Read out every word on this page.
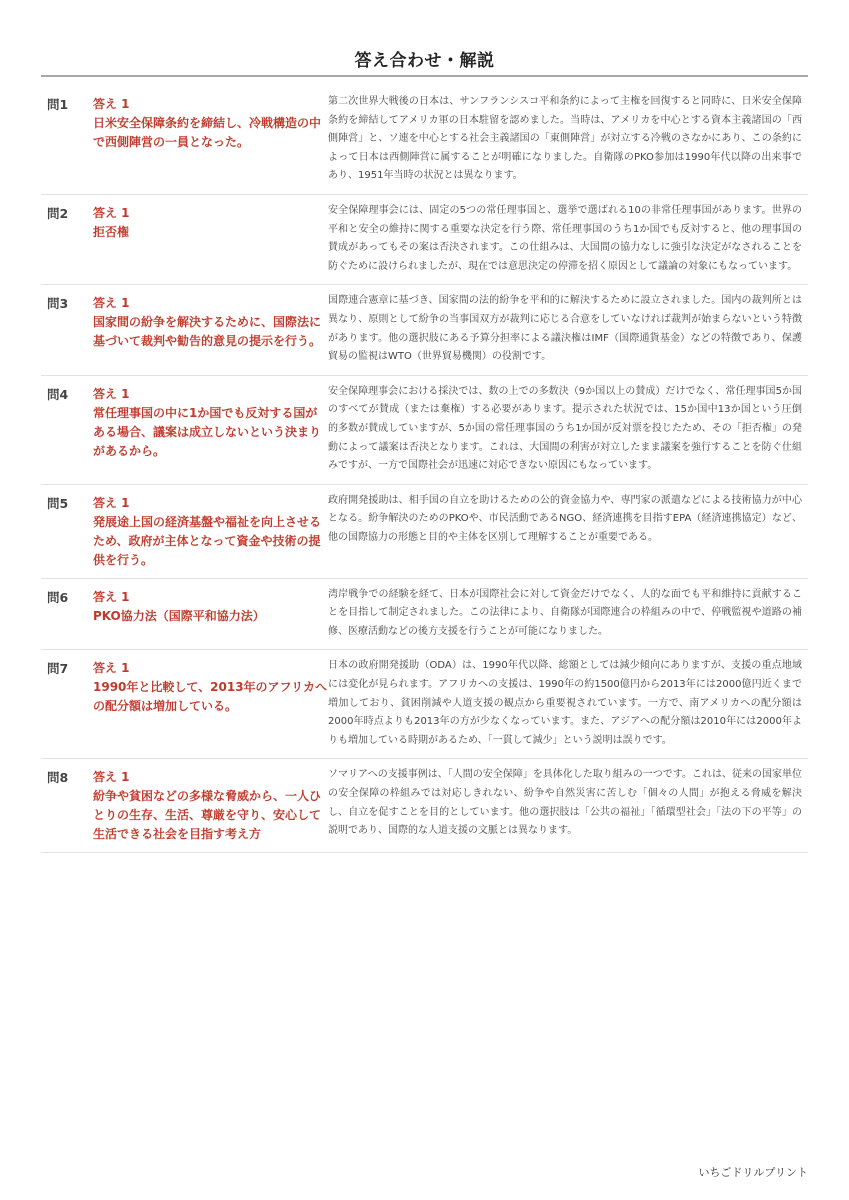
答え合わせ・解説
問1	答え 1
日米安全保障条約を締結し、冷戦構造の中で西側陣営の一員となった。
第二次世界大戦後の日本は、サンフランシスコ平和条約によって主権を回復すると同時に、日米安全保障条約を締結してアメリカ軍の日本駐留を認めました。当時は、アメリカを中心とする資本主義諸国の「西側陣営」と、ソ連を中心とする社会主義諸国の「東側陣営」が対立する冷戦のさなかにあり、この条約によって日本は西側陣営に属することが明確になりました。自衛隊のPKO参加は1990年代以降の出来事であり、1951年当時の状況とは異なります。
問2	答え 1
拒否権
安全保障理事会には、固定の5つの常任理事国と、選挙で選ばれる10の非常任理事国があります。世界の平和と安全の維持に関する重要な決定を行う際、常任理事国のうち1か国でも反対すると、他の理事国の賛成があってもその案は否決されます。この仕組みは、大国間の協力なしに強引な決定がなされることを防ぐために設けられましたが、現在では意思決定の停滞を招く原因として議論の対象にもなっています。
問3	答え 1
国家間の紛争を解決するために、国際法に基づいて裁判や勧告的意見の提示を行う。
国際連合憲章に基づき、国家間の法的紛争を平和的に解決するために設立されました。国内の裁判所とは異なり、原則として紛争の当事国双方が裁判に応じる合意をしていなければ裁判が始まらないという特徴があります。他の選択肢にある予算分担率による議決権はIMF（国際通貨基金）などの特徴であり、保護貿易の監視はWTO（世界貿易機関）の役割です。
問4	答え 1
常任理事国の中に1か国でも反対する国がある場合、議案は成立しないという決まりがあるから。
安全保障理事会における採決では、数の上での多数決（9か国以上の賛成）だけでなく、常任理事国5か国のすべてが賛成（または棄権）する必要があります。提示された状況では、15か国中13か国という圧倒的多数が賛成していますが、5か国の常任理事国のうち1か国が反対票を投じたため、その「拒否権」の発動によって議案は否決となります。これは、大国間の利害が対立したまま議案を強行することを防ぐ仕組みですが、一方で国際社会が迅速に対応できない原因にもなっています。
問5	答え 1
発展途上国の経済基盤や福祉を向上させるため、政府が主体となって資金や技術の提供を行う。
政府開発援助は、相手国の自立を助けるための公的資金協力や、専門家の派遣などによる技術協力が中心となる。紛争解決のためのPKOや、市民活動であるNGO、経済連携を目指すEPA（経済連携協定）など、他の国際協力の形態と目的や主体を区別して理解することが重要である。
問6	答え 1
PKO協力法（国際平和協力法）
湾岸戦争での経験を経て、日本が国際社会に対して資金だけでなく、人的な面でも平和維持に貢献することを目指して制定されました。この法律により、自衛隊が国際連合の枠組みの中で、停戦監視や道路の補修、医療活動などの後方支援を行うことが可能になりました。
問7	答え 1
1990年と比較して、2013年のアフリカへの配分額は増加している。
日本の政府開発援助（ODA）は、1990年代以降、総額としては減少傾向にありますが、支援の重点地域には変化が見られます。アフリカへの支援は、1990年の約1500億円から2013年には2000億円近くまで増加しており、貧困削減や人道支援の観点から重要視されています。一方で、南アメリカへの配分額は2000年時点よりも2013年の方が少なくなっています。また、アジアへの配分額は2010年には2000年よりも増加している時期があるため、「一貫して減少」という説明は誤りです。
問8	答え 1
紛争や貧困などの多様な脅威から、一人ひとりの生存、生活、尊厳を守り、安心して生活できる社会を目指す考え方
ソマリアへの支援事例は、「人間の安全保障」を具体化した取り組みの一つです。これは、従来の国家単位の安全保障の枠組みでは対応しきれない、紛争や自然災害に苦しむ「個々の人間」が抱える脅威を解決し、自立を促すことを目的としています。他の選択肢は「公共の福祉」「循環型社会」「法の下の平等」の説明であり、国際的な人道支援の文脈とは異なります。
いちごドリルプリント
